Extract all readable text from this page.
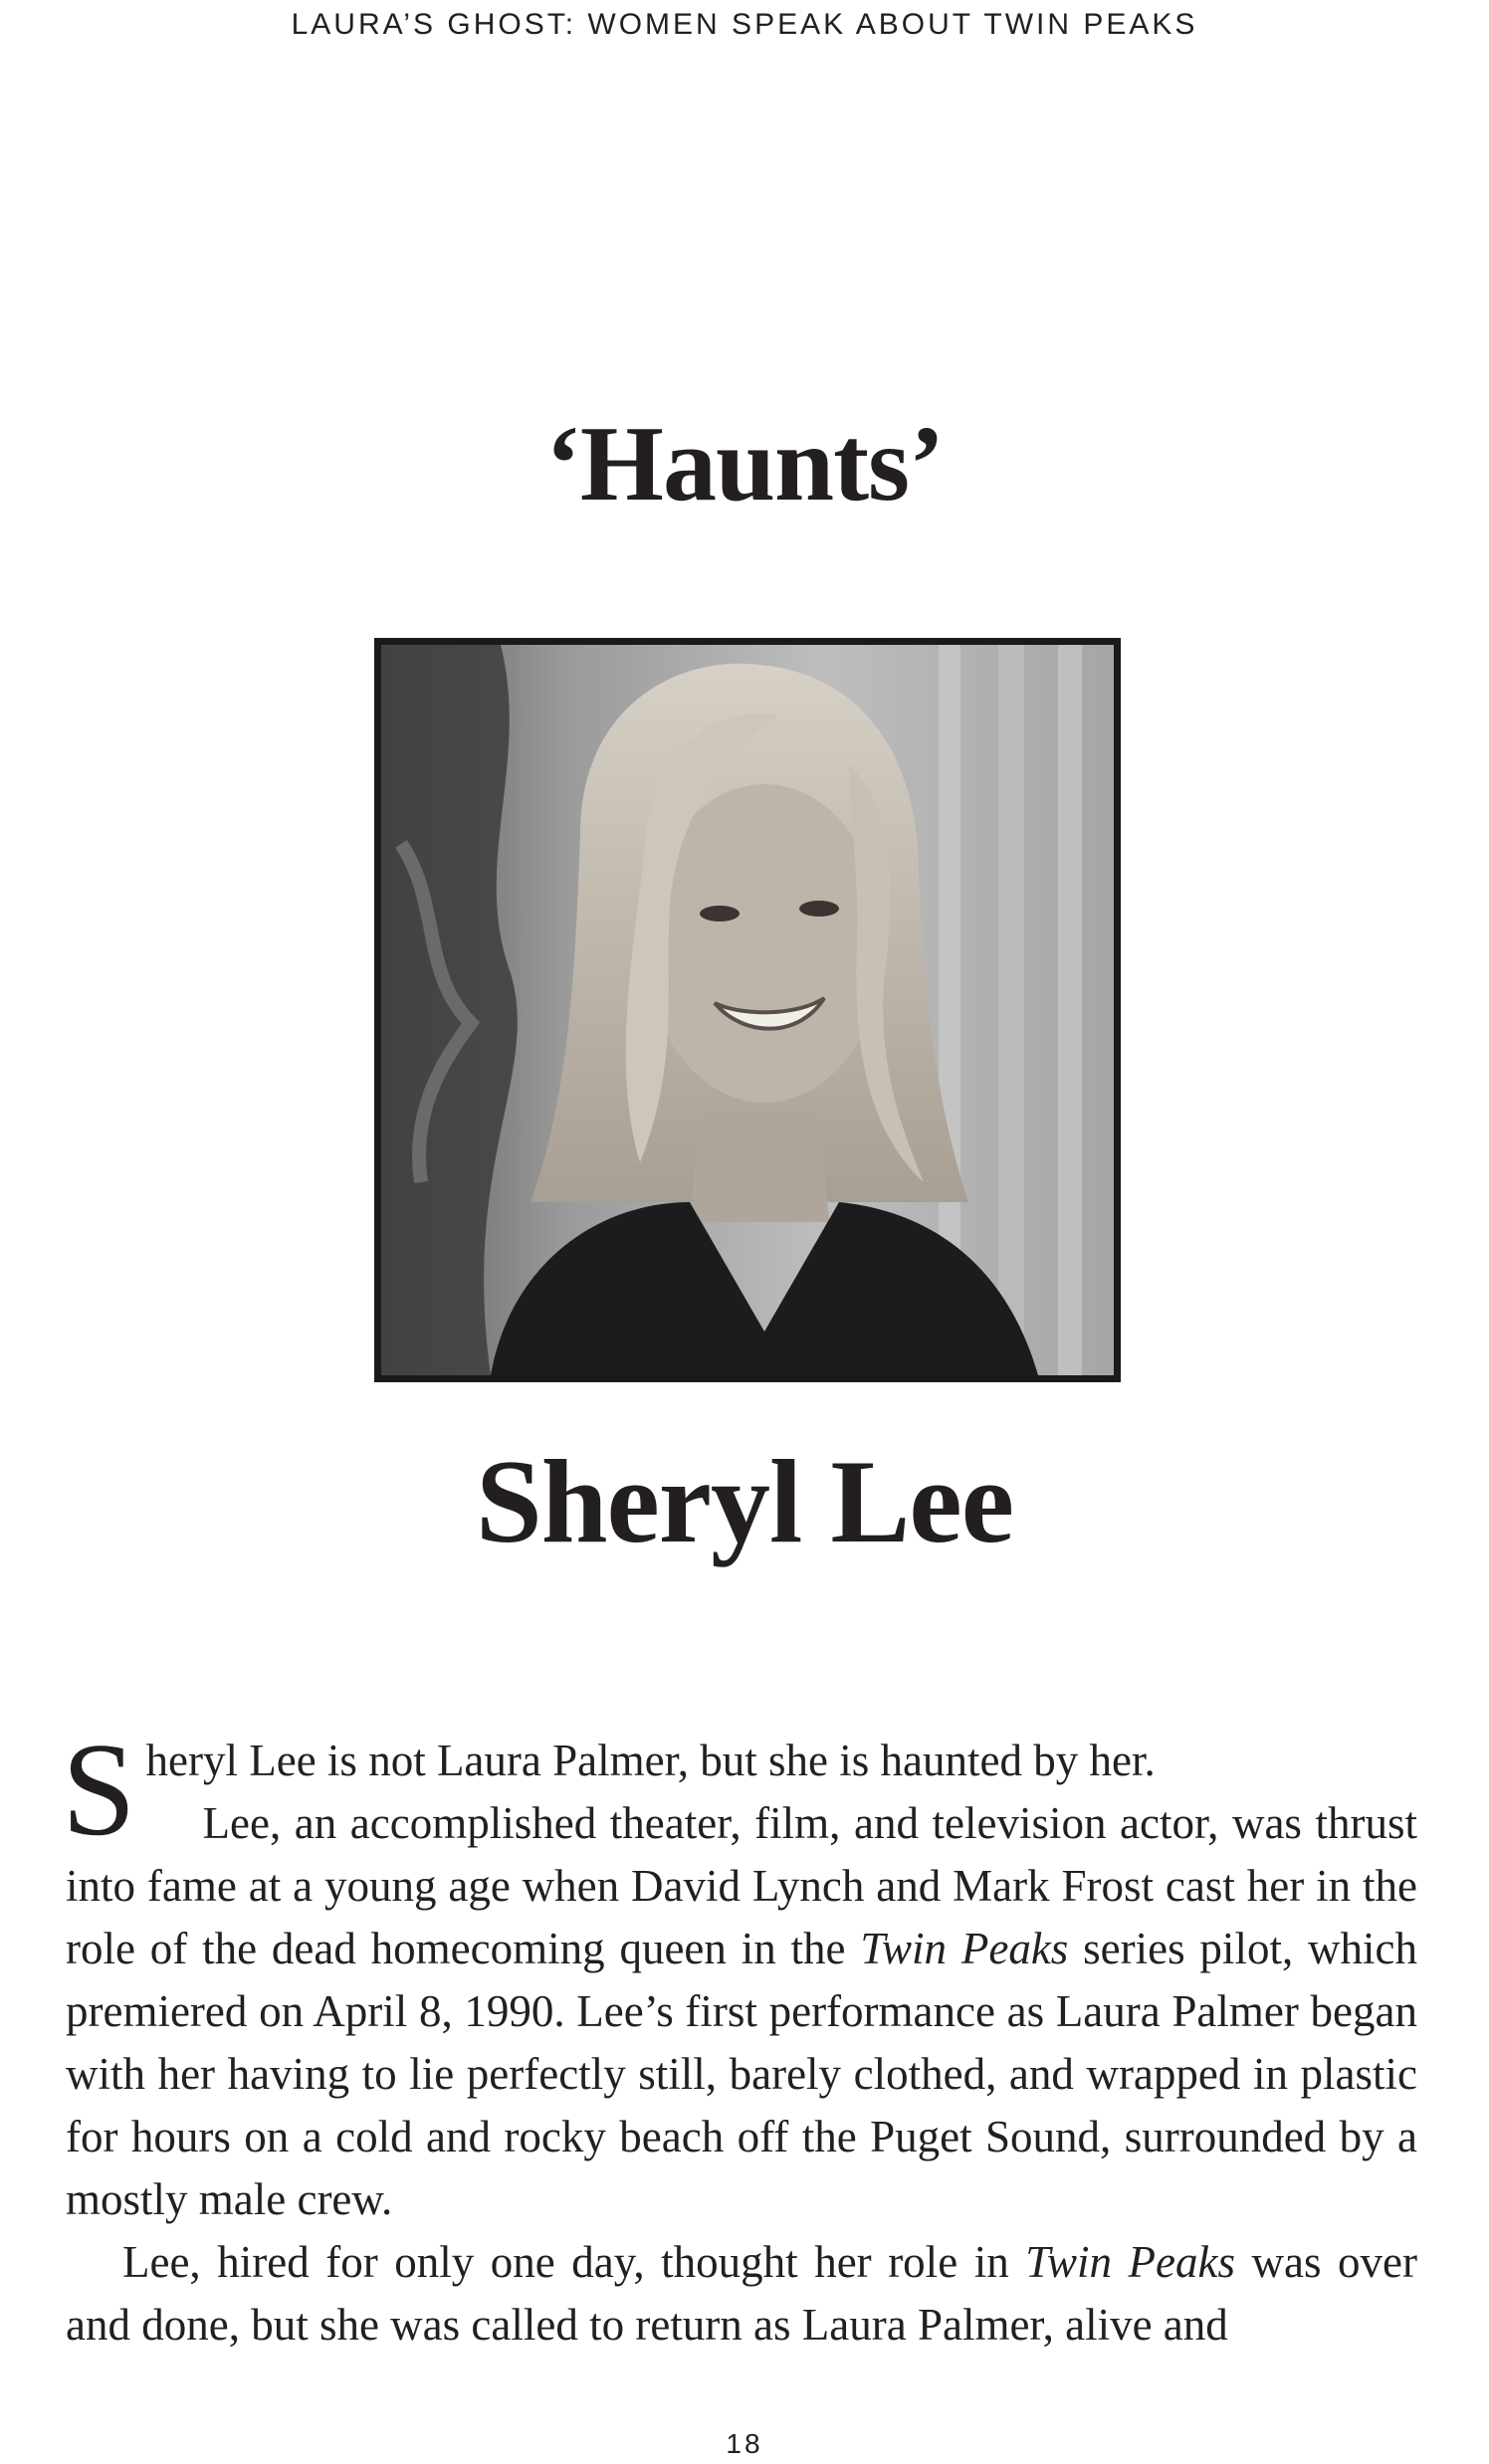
LAURA’S GHOST: WOMEN SPEAK ABOUT TWIN PEAKS
‘Haunts’
Sheryl Lee

Sheryl Lee is not Laura Palmer, but she is haunted by her.

Lee, an accomplished theater, film, and television actor, was thrust into fame at a young age when David Lynch and Mark Frost cast her in the role of the dead homecoming queen in the Twin Peaks series pilot, which premiered on April 8, 1990. Lee’s first performance as Laura Palmer began with her having to lie perfectly still, barely clothed, and wrapped in plastic for hours on a cold and rocky beach off the Puget Sound, surrounded by a mostly male crew.

Lee, hired for only one day, thought her role in Twin Peaks was over and done, but she was called to return as Laura Palmer, alive and

18
